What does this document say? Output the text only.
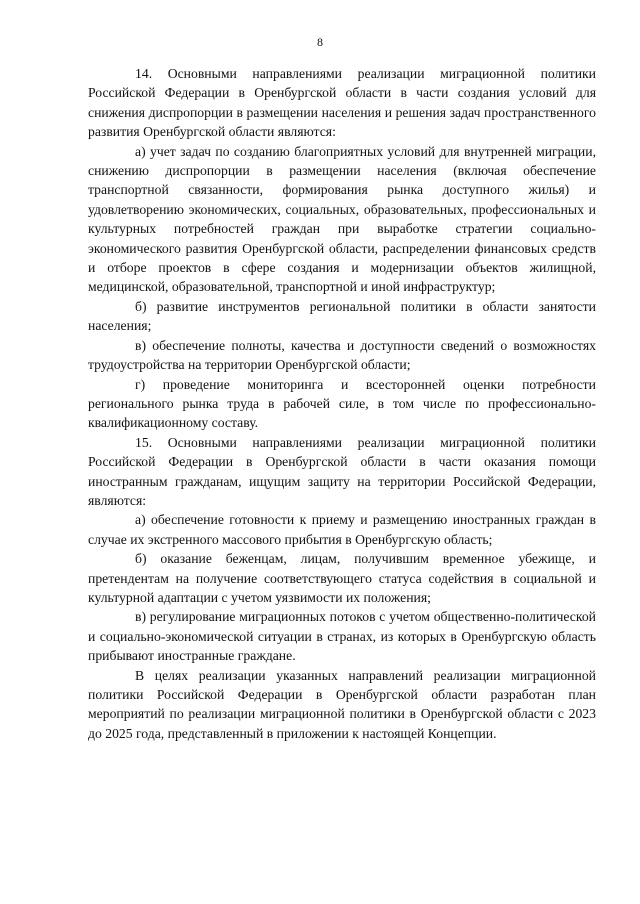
8

14. Основными направлениями реализации миграционной политики Российской Федерации в Оренбургской области в части создания условий для снижения диспропорции в размещении населения и решения задач пространственного развития Оренбургской области являются:

а) учет задач по созданию благоприятных условий для внутренней миграции, снижению диспропорции в размещении населения (включая обеспечение транспортной связанности, формирования рынка доступного жилья) и удовлетворению экономических, социальных, образовательных, профессиональных и культурных потребностей граждан при выработке стратегии социально-экономического развития Оренбургской области, распределении финансовых средств и отборе проектов в сфере создания и модернизации объектов жилищной, медицинской, образовательной, транспортной и иной инфраструктур;

б) развитие инструментов региональной политики в области занятости населения;

в) обеспечение полноты, качества и доступности сведений о возможностях трудоустройства на территории Оренбургской области;

г) проведение мониторинга и всесторонней оценки потребности регионального рынка труда в рабочей силе, в том числе по профессионально-квалификационному составу.

15. Основными направлениями реализации миграционной политики Российской Федерации в Оренбургской области в части оказания помощи иностранным гражданам, ищущим защиту на территории Российской Федерации, являются:

а) обеспечение готовности к приему и размещению иностранных граждан в случае их экстренного массового прибытия в Оренбургскую область;

б) оказание беженцам, лицам, получившим временное убежище, и претендентам на получение соответствующего статуса содействия в социальной и культурной адаптации с учетом уязвимости их положения;

в) регулирование миграционных потоков с учетом общественно-политической и социально-экономической ситуации в странах, из которых в Оренбургскую область прибывают иностранные граждане.

В целях реализации указанных направлений реализации миграционной политики Российской Федерации в Оренбургской области разработан план мероприятий по реализации миграционной политики в Оренбургской области с 2023 до 2025 года, представленный в приложении к настоящей Концепции.
